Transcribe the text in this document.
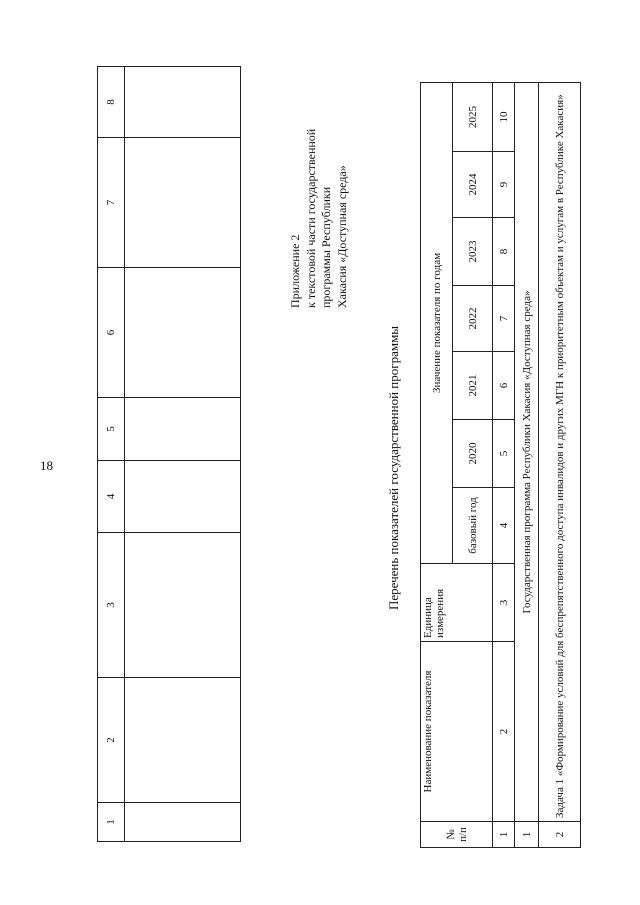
18
1	2	3	4	5	6	7	8

Приложение 2 к текстовой части государственной программы Республики Хакасия «Доступная среда»
Перечень показателей государственной программы
№ п/п	Наименование показателя	Единица измерения	Значение показателя по годам						
			базовый год	2020	2021	2022	2023	2024	2025
1	2	3	4	5	6	7	8	9	10
1	Государственная программа Республики Хакасия «Доступная среда»								
2	Задача 1 «Формирование условий для беспрепятственного доступа инвалидов и других МГН к приоритетным объектам и услугам в Республике Хакасия»								
